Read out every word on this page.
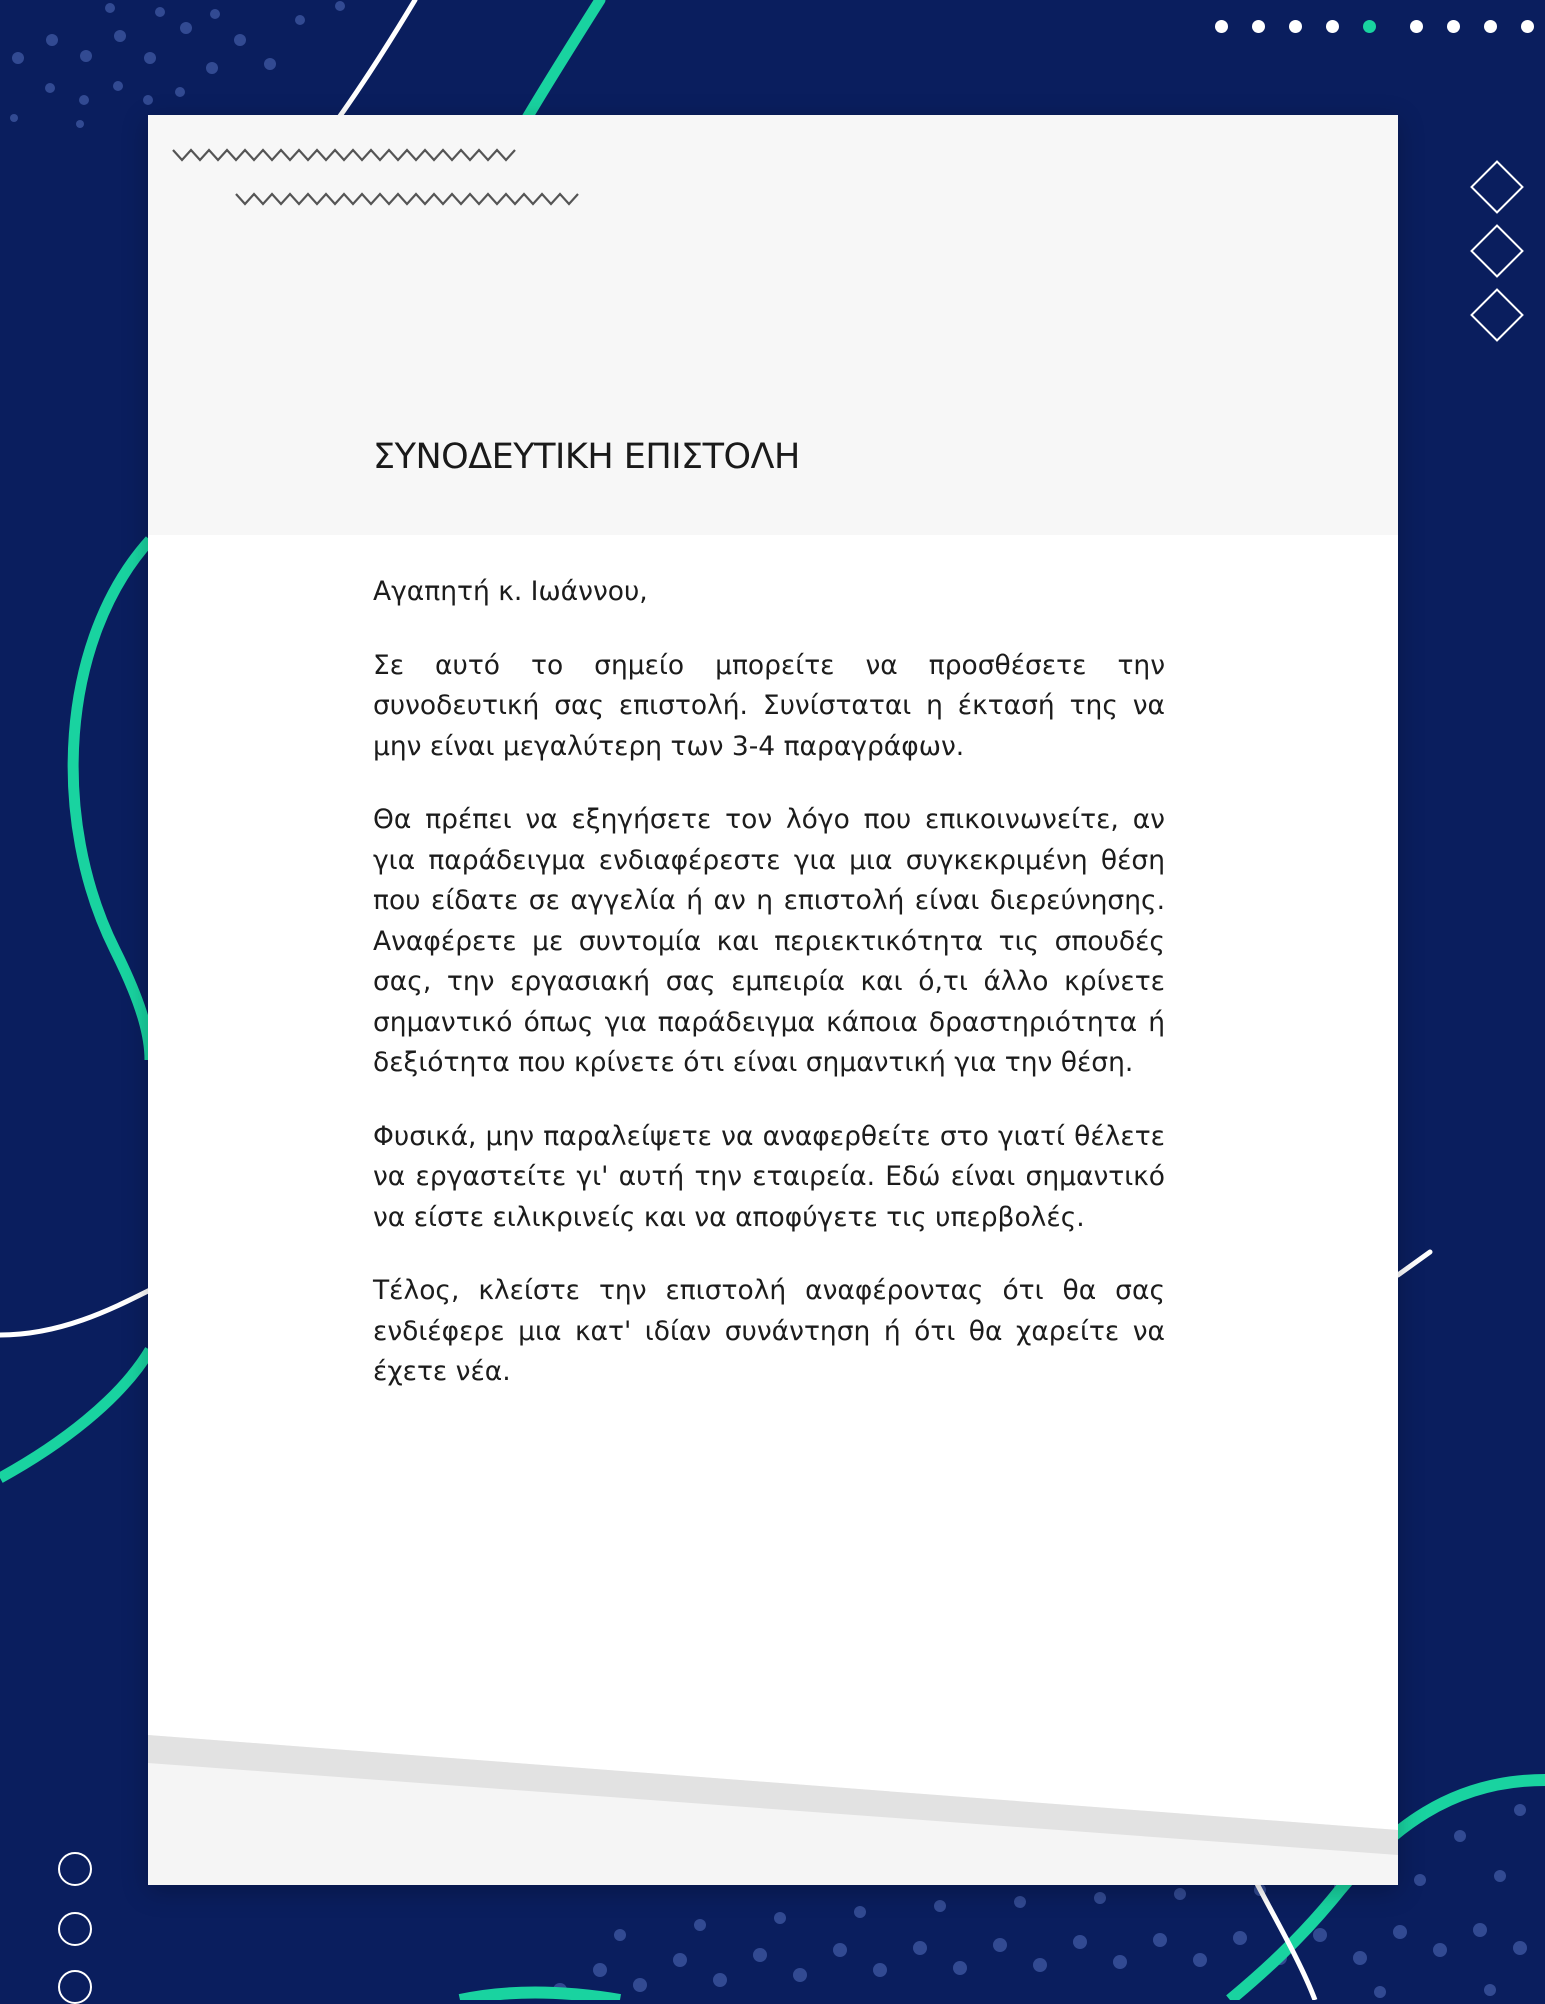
ΣΥΝΟΔΕΥΤΙΚΗ ΕΠΙΣΤΟΛΗ

Αγαπητή κ. Ιωάννου,

Σε αυτό το σημείο μπορείτε να προσθέσετε την συνοδευτική σας επιστολή. Συνίσταται η έκτασή της να μην είναι μεγαλύτερη των 3-4 παραγράφων.

Θα πρέπει να εξηγήσετε τον λόγο που επικοινωνείτε, αν για παράδειγμα ενδιαφέρεστε για μια συγκεκριμένη θέση που είδατε σε αγγελία ή αν η επιστολή είναι διερεύνησης. Αναφέρετε με συντομία και περιεκτικότητα τις σπουδές σας, την εργασιακή σας εμπειρία και ό,τι άλλο κρίνετε σημαντικό όπως για παράδειγμα κάποια δραστηριότητα ή δεξιότητα που κρίνετε ότι είναι σημαντική για την θέση.

Φυσικά, μην παραλείψετε να αναφερθείτε στο γιατί θέλετε να εργαστείτε γι' αυτή την εταιρεία. Εδώ είναι σημαντικό να είστε ειλικρινείς και να αποφύγετε τις υπερβολές.

Τέλος, κλείστε την επιστολή αναφέροντας ότι θα σας ενδιέφερε μια κατ' ιδίαν συνάντηση ή ότι θα χαρείτε να έχετε νέα.
